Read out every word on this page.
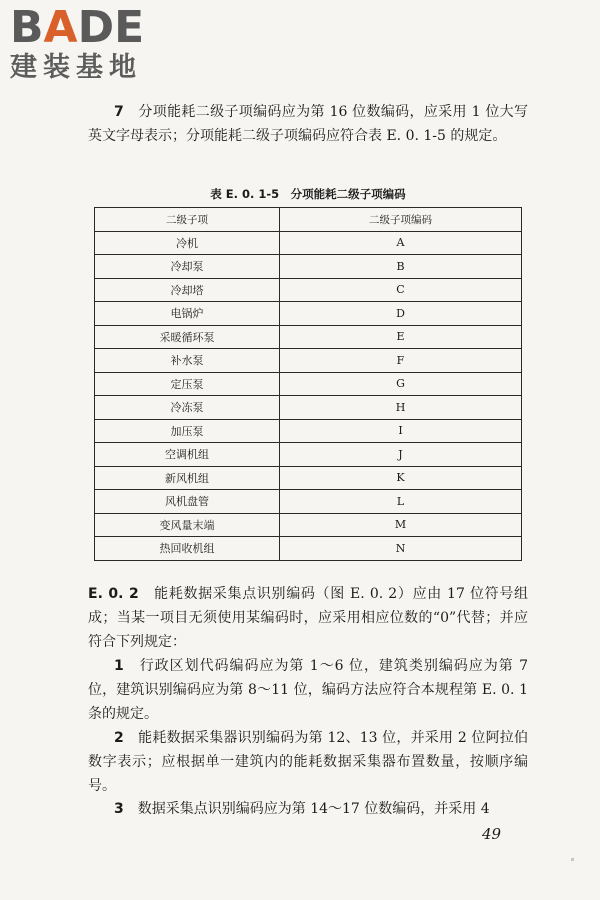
BADE
建装基地
7　 分项能耗二级子项编码应为第 16 位数编码，应采用 1 位大写英文字母表示；分项能耗二级子项编码应符合表 E. 0. 1-5 的规定。
表 E. 0. 1-5　分项能耗二级子项编码
二级子项	二级子项编码
冷机	A
冷却泵	B
冷却塔	C
电锅炉	D
采暖循环泵	E
补水泵	F
定压泵	G
冷冻泵	H
加压泵	I
空调机组	J
新风机组	K
风机盘管	L
变风量末端	M
热回收机组	N
E. 0. 2　 能耗数据采集点识别编码（图 E. 0. 2）应由 17 位符号组成；当某一项目无须使用某编码时，应采用相应位数的“0”代替；并应符合下列规定：
1　 行政区划代码编码应为第 1～6 位，建筑类别编码应为第 7 位，建筑识别编码应为第 8～11 位，编码方法应符合本规程第 E. 0. 1 条的规定。
2　 能耗数据采集器识别编码为第 12、13 位，并采用 2 位阿拉伯数字表示；应根据单一建筑内的能耗数据采集器布置数量，按顺序编号。
3　 数据采集点识别编码应为第 14～17 位数编码，并采用 4
49
